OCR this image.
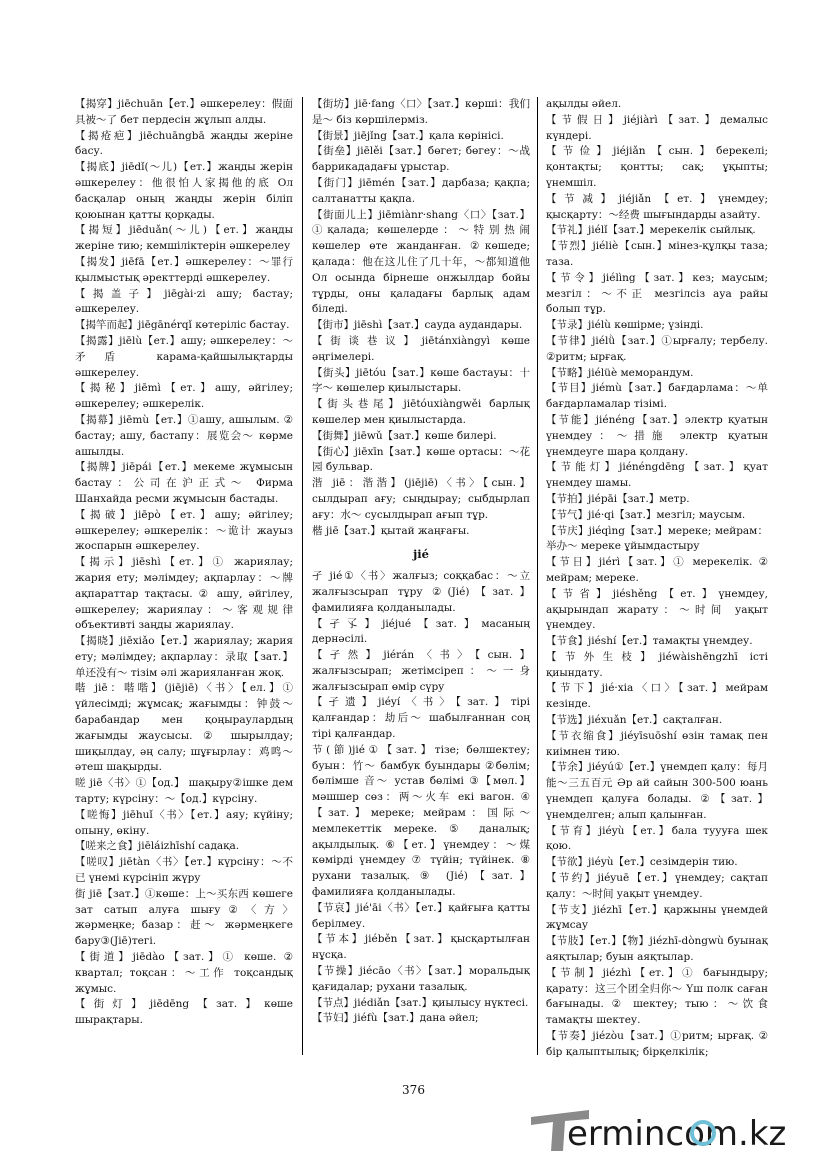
【揭穿】jiēchuān【ет.】әшкерелеу：假面具被～了 бет пердесін жұлып алды.

【揭疮疤】jiēchuāngbā жаңды жеріне басу.

【揭底】jiēdǐ(～儿)【ет.】жаңды жерін әшкерелеу：他很怕人家揭他的底 Ол басқалар оның жаңды жерін біліп қоюынан қатты қорқады.

【揭短】jiēduǎn(～儿)【ет.】жаңды жеріне тию; кемшіліктерін әшкерелеу

【揭发】jiēfā【ет.】әшкерелеу：～罪行 қылмыстық әректтерді әшкерелеу.

【揭盖子】jiēgài·zi ашу; бастау; әшкерелеу.

【揭竿而起】jiēgānérqǐ көтеріліс бастау.

【揭露】jiēlù【ет.】ашу; әшкерелеу：～矛盾 карама-қайшылықтарды әшкерелеу.

【揭秘】jiēmì【ет.】ашу, әйгілеу; әшкерелеу; әшкерелік.

【揭幕】jiēmù【ет.】①ашу, ашылым. ② бастау; ашу, бастапу：展览会～ көрме ашылды.

【揭牌】jiēpái【ет.】мекеме жұмысын бастау：公司在沪正式～ Фирма Шанхайда ресми жұмысын бастады.

【揭破】jiēpò【ет.】ашу; әйгілеу; әшкерелеу; әшкерелік：～诡计 жауыз жоспарын әшкерелеу.

【揭示】jiēshì【ет.】① жариялау; жария ету; мәлімдеу; ақпарлау：～牌 ақпараттар тақтасы. ② ашу, әйгілеу, әшкерелеу; жариялау：～客观规律 объективті заңды жариялау.

【揭晓】jiēxiǎo【ет.】жариялау; жария ету; мәлімдеу; ақпарлау：录取【зат.】单还没有～ тізім әлі жарияланған жоқ.

喈 jiē：喈喈】(jiējiē)〈书〉【ел.】① үйлесімді; жұмсақ; жағымды：钟鼓～ барабандар мен қоңыраулардың жағымды жаусысы. ② шырылдау; шиқылдау, әң салу; шұғырлау：鸡鸣～ әтеш шақырды.

嗟 jiē〈书〉①【од.】 шақыру②ішке дем тарту; күрсіну：～【од.】күрсіну.

【嗟悔】jiēhuǐ〈书〉【ет.】аяу; күйіну; опыну, өкіну.

【嗟来之食】jiēláizhīshí садақа.

【嗟叹】jiētàn〈书〉【ет.】күрсіну：～不已 үнемі күрсініп жүру

街 jiē【зат.】①көше：上～买东西 көшеге зат сатып алуға шығу②〈方〉жәрмеңке; базар：赶～ жәрмеңкеге бару③(Jiē)тегі.

【街道】jiēdào【зат.】① көше. ② квартал; тоқсан：～工作 тоқсандық жұмыс.

【街灯】jiēdēng【зат.】көше шырақтары.

【街坊】jiē·fang〈口〉【зат.】көрші：我们是～ біз көршілерміз.

【街景】jiējǐng【зат.】қала көрінісі.

【街垒】jiēlěi【зат.】бөгет; бөгеу：～战 баррикададағы ұрыстар.

【街门】jiēmén【зат.】дарбаза; қақпа; салтанатты қақпа.

【街面儿上】jiēmiànr·shang〈口〉【зат.】①қалада; көшелерде：～特别热闹 көшелер өте жанданған. ②көшеде; қалада：他在这儿住了几十年，～都知道他 Ол осында бірнеше онжылдар бойы тұрды, оны қаладағы барлық адам біледі.

【街市】jiēshì【зат.】сауда аудандары.

【街谈巷议】jiētánxiàngyì көше әңгімелері.

【街头】jiētóu【зат.】көше бастауы：十字～ көшелер қиылыстары.

【街头巷尾】jiētóuxiàngwěi барлық көшелер мен қиылыстарда.

【街舞】jiēwǔ【зат.】көше билері.

【街心】jiēxīn【зат.】көше ортасы：～花园 бульвар.

湝 jiē：湝湝】(jiējiē)〈书〉【сын.】сылдырап ағу; сыңдырау; сыбдырлап ағу：水～ сусылдырап ағып тұр.

楷 jiē【зат.】қытай жаңғағы.

jié

孑 jié①〈书〉жалғыз; соққабас：～立 жалғызсырап тұру ②(Jié)【зат.】фамилияға қолданылады.

【孑孓】jiéjué【зат.】масаның дернәсілі.

【孑然】jiérán〈书〉【сын.】жалғызсырап; жетімсіреп：～一身 жалғызсырап өмір сүру

【孑遗】jiéyí〈书〉【зат.】тірі қалғандар：劫后～ шабылғаннан соң тірі қалғандар.

节(節)jié①【зат.】тізе; бөлшектеу; буын：竹～ бамбук буындары ②бөлім; бөлімше 音～ устав бөлімі ③【мөл.】мәшшер сөз：两～火车 екі вагон. ④【зат.】мереке; мейрам：国际～ мемлекеттік мереке. ⑤ даналық; ақылдылық. ⑥【ет.】үнемдеу：～煤 көмірді үнемдеу ⑦ түйін; түйінек. ⑧ рухани тазалық. ⑨ (Jié)【зат.】фамилияға қолданылады.

【节哀】jié'āi〈书〉【ет.】қайғыға қатты берілмеу.

【节本】jiéběn【зат.】қысқартылған нұсқа.

【节操】jiécāo〈书〉【зат.】моральдық қағидалар; рухани тазалық.

【节点】jiédiǎn【зат.】қиылысу нүктесі.

【节妇】jiéfù【зат.】дана әйел;

ақылды әйел.

【节假日】jiéjiàrì【зат.】демалыс күндері.

【节俭】jiéjiǎn【сын.】берекелі; қонтақты; қонтты; сақ; ұқыпты; үнемшіл.

【节减】jiéjiǎn【ет.】үнемдеу; қысқарту：～经费 шығындарды азайту.

【节礼】jiélǐ【зат.】мерекелік сыйлық.

【节烈】jiéliè【сын.】мінез-құлқы таза; таза.

【节令】jiélìng【зат.】кез; маусым; мезгіл：～不正 мезгілсіз ауа райы болып тұр.

【节录】jiélù көшірме; үзінді.

【节律】jiélǜ【зат.】①ырғалу; тербелу. ②ритм; ырғақ.

【节略】jiélüè меморандум.

【节目】jiémù【зат.】бағдарлама：～单 бағдарламалар тізімі.

【节能】jiénéng【зат.】электр қуатын үнемдеу：～措施 электр қуатын үнемдеуге шара қолдану.

【节能灯】jiénéngdēng【зат.】қуат үнемдеу шамы.

【节拍】jiépāi【зат.】метр.

【节气】jié·qi【зат.】мезгіл; маусым.

【节庆】jiéqìng【зат.】мереке; мейрам：举办～ мереке ұйымдастыру

【节日】jiérì【зат.】① мерекелік. ② мейрам; мереке.

【节省】jiéshěng【ет.】үнемдеу, ақырындап жарату：～时间 уақыт үнемдеу.

【节食】jiéshí【ет.】тамақты үнемдеу.

【节外生枝】jiéwàishēngzhī істі қиындату.

【节下】jié·xia〈口〉【зат.】мейрам кезінде.

【节选】jiéxuǎn【ет.】сақталған.

【节衣缩食】jiéyīsuōshí өзін тамақ пен киімнен тию.

【节余】jiéyú①【ет.】үнемдеп қалу：每月能～三五百元 Әр ай сайын 300-500 юань үнемдеп қалуға болады. ②【зат.】үнемделген; алып қалынған.

【节育】jiéyù【ет.】бала туууға шек қою.

【节欲】jiéyù【ет.】сезімдерін тию.

【节约】jiéyuē【ет.】үнемдеу; сақтап қалу：～时间 уақыт үнемдеу.

【节支】jiézhī【ет.】қаржыны үнемдей жұмсау

【节肢】【ет.】【物】jiézhī-dòngwù буынақ аяқтылар; буын аяқтылар.

【节制】jiézhì【ет.】① бағындыру; қарату：这三个团全归你～ Үш полк саған бағынады. ② шектеу; тыю：～饮食 тамақты шектеу.

【节奏】jiézòu【зат.】①ритм; ырғақ. ② бір қалыптылық; бірқелкілік;

376
ermincom.kz
